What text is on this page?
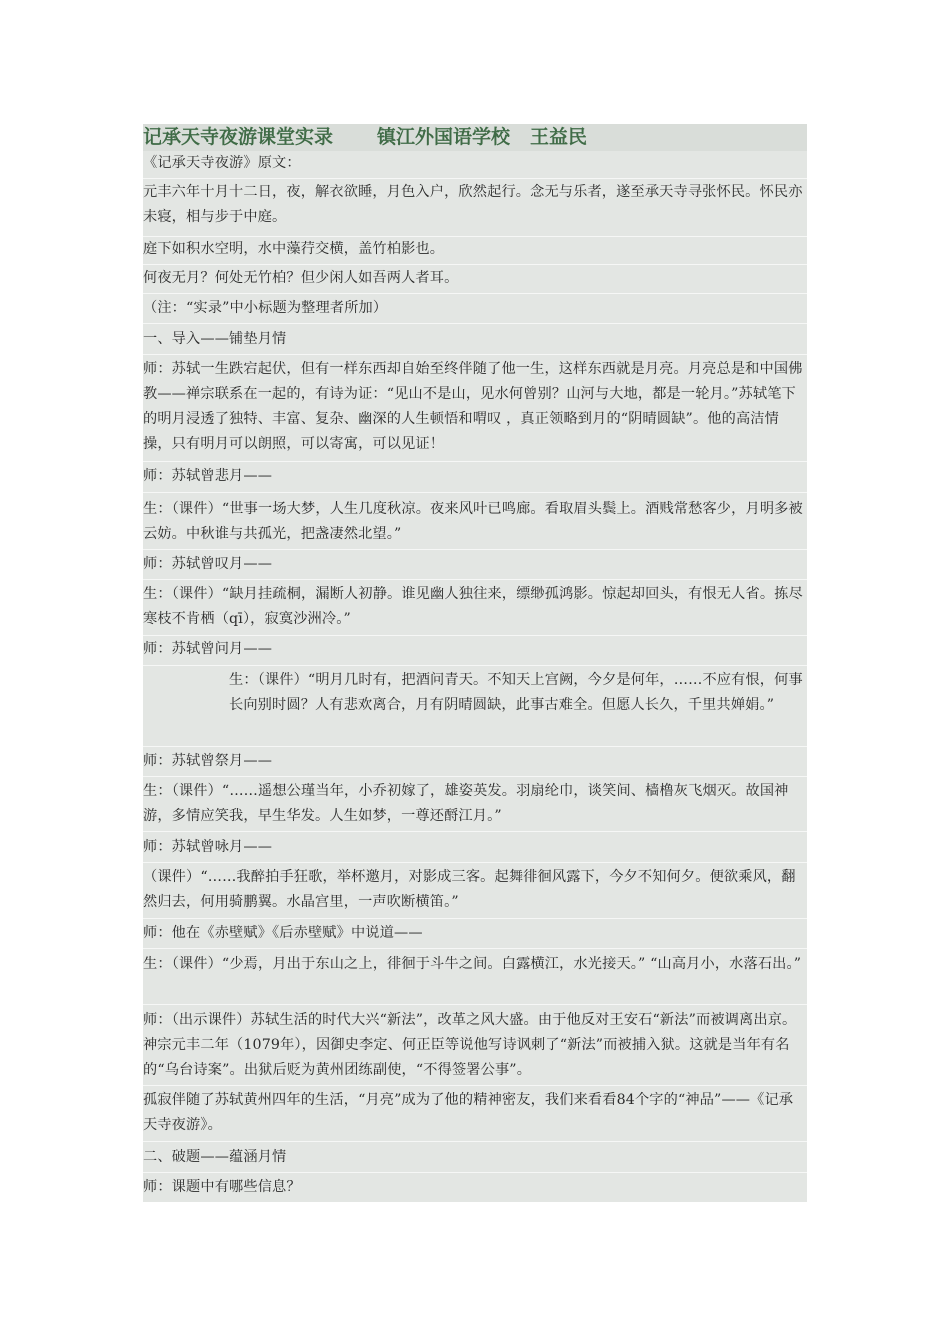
记承天寺夜游课堂实录 镇江外国语学校 王益民
《记承天寺夜游》原文：
元丰六年十月十二日，夜，解衣欲睡，月色入户，欣然起行。念无与乐者，遂至承天寺寻张怀民。怀民亦未寝，相与步于中庭。
庭下如积水空明，水中藻荇交横，盖竹柏影也。
何夜无月？何处无竹柏？但少闲人如吾两人者耳。
（注：“实录”中小标题为整理者所加）
一、导入——铺垫月情
师：苏轼一生跌宕起伏，但有一样东西却自始至终伴随了他一生，这样东西就是月亮。月亮总是和中国佛教——禅宗联系在一起的，有诗为证：“见山不是山，见水何曾别？山河与大地，都是一轮月。”苏轼笔下的明月浸透了独特、丰富、复杂、幽深的人生顿悟和喟叹 ，真正领略到月的“阴晴圆缺”。他的高洁情操，只有明月可以朗照，可以寄寓，可以见证！
师：苏轼曾悲月——
生：（课件）“世事一场大梦，人生几度秋凉。夜来风叶已鸣廊。看取眉头鬓上。酒贱常愁客少，月明多被云妨。中秋谁与共孤光，把盏凄然北望。”
师：苏轼曾叹月——
生：（课件）“缺月挂疏桐，漏断人初静。谁见幽人独往来，缥缈孤鸿影。惊起却回头，有恨无人省。拣尽寒枝不肯栖（qī），寂寞沙洲冷。”
师：苏轼曾问月——
生：（课件）“明月几时有，把酒问青天。不知天上宫阙，今夕是何年，……不应有恨，何事长向别时圆？人有悲欢离合，月有阴晴圆缺，此事古难全。但愿人长久，千里共婵娟。”
师：苏轼曾祭月——
生：（课件）“……遥想公瑾当年，小乔初嫁了，雄姿英发。羽扇纶巾，谈笑间、樯橹灰飞烟灭。故国神游，多情应笑我，早生华发。人生如梦，一尊还酹江月。”
师：苏轼曾咏月——
（课件）“……我醉拍手狂歌，举杯邀月，对影成三客。起舞徘徊风露下，今夕不知何夕。便欲乘风，翻然归去，何用骑鹏翼。水晶宫里，一声吹断横笛。”
师：他在《赤壁赋》《后赤壁赋》中说道——
生：（课件）“少焉，月出于东山之上，徘徊于斗牛之间。白露横江，水光接天。” “山高月小，水落石出。”
师：（出示课件）苏轼生活的时代大兴“新法”，改革之风大盛。由于他反对王安石“新法”而被调离出京。神宗元丰二年（1079年），因御史李定、何正臣等说他写诗讽刺了“新法”而被捕入狱。这就是当年有名的“乌台诗案”。出狱后贬为黄州团练副使，“不得签署公事”。
孤寂伴随了苏轼黄州四年的生活，“月亮”成为了他的精神密友，我们来看看84个字的“神品”——《记承天寺夜游》。
二、破题——蕴涵月情
师：课题中有哪些信息？
